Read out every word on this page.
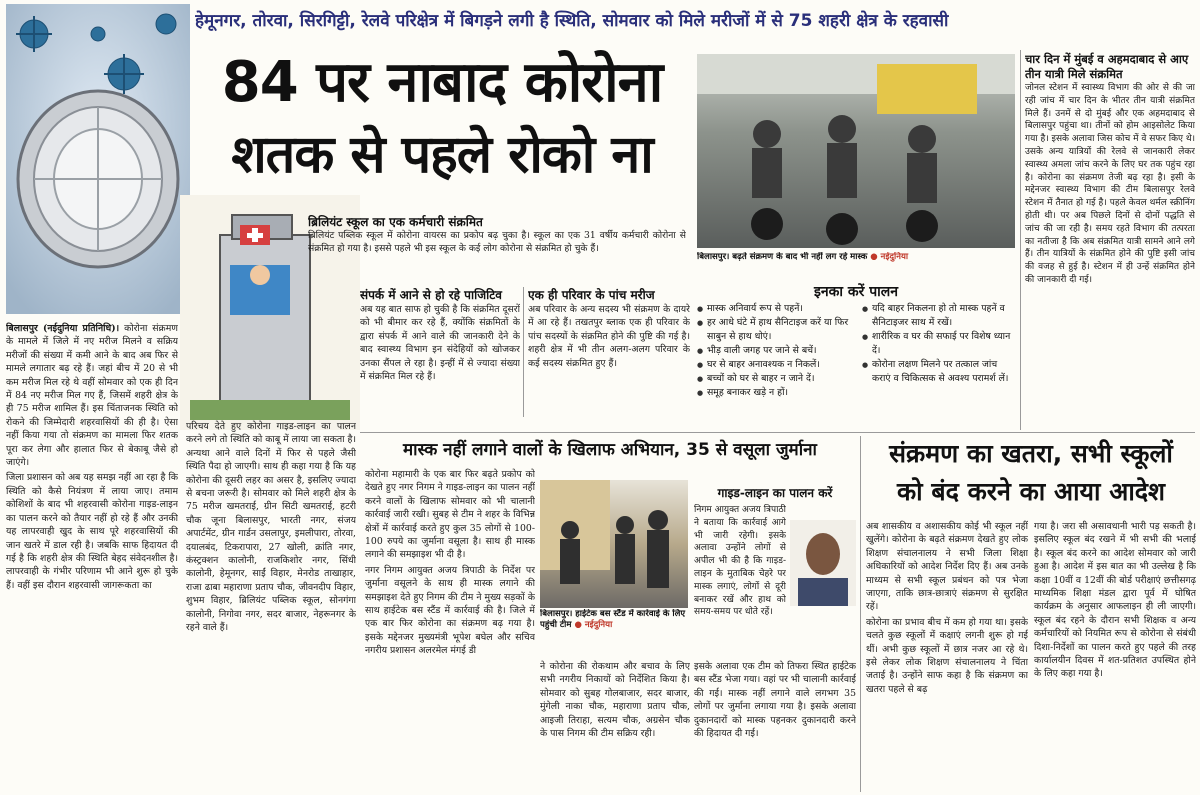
हेमूनगर, तोरवा, सिरगिट्टी, रेलवे परिक्षेत्र में बिगड़ने लगी है स्थिति, सोमवार को मिले मरीजों में से 75 शहरी क्षेत्र के रहवासी
84 पर नाबाद कोरोना
शतक से पहले रोको ना
ब्रिलियंट स्कूल का एक कर्मचारी संक्रमित
ब्रिलियंट पब्लिक स्कूल में कोरोना वायरस का प्रकोप बढ़ चुका है। स्कूल का एक 31 वर्षीय कर्मचारी कोरोना से संक्रमित हो गया है। इससे पहले भी इस स्कूल के कई लोग कोरोना से संक्रमित हो चुके हैं।
संपर्क में आने से हो रहे पाजिटिव
अब यह बात साफ हो चुकी है कि संक्रमित दूसरों को भी बीमार कर रहे हैं, क्योंकि संक्रमितों के द्वारा संपर्क में आने वाले की जानकारी देने के बाद स्वास्थ्य विभाग इन संदेहियों को खोजकर उनका सैंपल ले रहा है। इन्हीं में से ज्यादा संख्या में संक्रमित मिल रहे हैं।
एक ही परिवार के पांच मरीज
अब परिवार के अन्य सदस्य भी संक्रमण के दायरे में आ रहे हैं। तखतपुर ब्लाक एक ही परिवार के पांच सदस्यों के संक्रमित होने की पुष्टि की गई है। शहरी क्षेत्र में भी तीन अलग-अलग परिवार के कई सदस्य संक्रमित हुए हैं।

बिलासपुर (नईदुनिया प्रतिनिधि)। कोरोना संक्रमण के मामले में जिले में नए मरीज मिलने व सक्रिय मरीजों की संख्या में कमी आने के बाद अब फिर से मामले लगातार बढ़ रहे हैं। जहां बीच में 20 से भी कम मरीज मिल रहे थे वहीं सोमवार को एक ही दिन में 84 नए मरीज मिल गए हैं, जिसमें शहरी क्षेत्र के ही 75 मरीज शामिल हैं। इस चिंताजनक स्थिति को रोकने की जिम्मेदारी शहरवासियों की ही है। ऐसा नहीं किया गया तो संक्रमण का मामला फिर शतक पूरा कर लेगा और हालात फिर से बेकाबू जैसे हो जाएंगे।

जिला प्रशासन को अब यह समझ नहीं आ रहा है कि स्थिति को कैसे नियंत्रण में लाया जाए। तमाम कोशिशों के बाद भी शहरवासी कोरोना गाइड-लाइन का पालन करने को तैयार नहीं हो रहे हैं और उनकी यह लापरवाही खुद के साथ पूरे शहरवासियों की जान खतरे में डाल रही है। जबकि साफ हिदायत दी गई है कि शहरी क्षेत्र की स्थिति बेहद संवेदनशील है। लापरवाही के गंभीर परिणाम भी आने शुरू हो चुके हैं। वहीं इस दौरान शहरवासी जागरूकता का

परिचय देते हुए कोरोना गाइड-लाइन का पालन करने लगे तो स्थिति को काबू में लाया जा सकता है। अन्यथा आने वाले दिनों में फिर से पहले जैसी स्थिति पैदा हो जाएगी। साथ ही कहा गया है कि यह कोरोना की दूसरी लहर का असर है, इसलिए ज्यादा से बचना जरूरी है। सोमवार को मिले शहरी क्षेत्र के 75 मरीज खमतराई, ग्रीन सिटी खमतराई, हटरी चौक जूना बिलासपुर, भारती नगर, संजय अपार्टमेंट, ग्रीन गार्डन उसलापुर, इमलीपारा, तोरवा, दयालबंद, टिकरापारा, 27 खोली, क्रांति नगर, कंस्ट्रक्शन कालोनी, राजकिशोर नगर, सिंधी कालोनी, हेमूनगर, साईं विहार, मेनरोड ताखाहार, राजा ढाबा महाराणा प्रताप चौक, जीवनदीप विहार, शुभम विहार, ब्रिलियंट पब्लिक स्कूल, सोनगंगा कालोनी, निगोवा नगर, सदर बाजार, नेहरूनगर के रहने वाले हैं।
बिलासपुर। बढ़ते संक्रमण के बाद भी नहीं लग रहे मास्क ● नईदुनिया
इनका करें पालन
● मास्क अनिवार्य रूप से पहनें।
● हर आधे घंटे में हाथ सैनिटाइज करें या फिर साबुन से हाथ धोएं।
● भीड़ वाली जगह पर जाने से बचें।
● घर से बाहर अनावश्यक न निकलें।
● बच्चों को घर से बाहर न जाने दें।
● समूह बनाकर खड़े न हों।
● यदि बाहर निकलना हो तो मास्क पहनें व सैनिटाइजर साथ में रखें।
● शारीरिक व घर की सफाई पर विशेष ध्यान दें।
● कोरोना लक्षण मिलने पर तत्काल जांच कराएं व चिकित्सक से अवश्य परामर्श लें।
चार दिन में मुंबई व अहमदाबाद से आए तीन यात्री मिले संक्रमित
जोनल स्टेशन में स्वास्थ्य विभाग की ओर से की जा रही जांच में चार दिन के भीतर तीन यात्री संक्रमित मिले हैं। उनमें से दो मुंबई और एक अहमदाबाद से बिलासपुर पहुंचा था। तीनों को होम आइसोलेट किया गया है। इसके अलावा जिस कोच में वे सफर किए थे। उसके अन्य यात्रियों की रेलवे से जानकारी लेकर स्वास्थ्य अमला जांच करने के लिए घर तक पहुंच रहा है। कोरोना का संक्रमण तेजी बढ़ रहा है। इसी के मद्देनजर स्वास्थ्य विभाग की टीम बिलासपुर रेलवे स्टेशन में तैनात हो गई है। पहले केवल थर्मल स्क्रीनिंग होती थी। पर अब पिछले दिनों से दोनों पद्धति से जांच की जा रही है। समय रहते विभाग की तत्परता का नतीजा है कि अब संक्रमित यात्री सामने आने लगे हैं। तीन यात्रियों के संक्रमित होने की पुष्टि इसी जांच की वजह से हुई है। स्टेशन में ही उन्हें संक्रमित होने की जानकारी दी गई।
मास्क नहीं लगाने वालों के खिलाफ अभियान, 35 से वसूला जुर्माना

कोरोना महामारी के एक बार फिर बढ़ते प्रकोप को देखते हुए नगर निगम ने गाइड-लाइन का पालन नहीं करने वालों के खिलाफ सोमवार को भी चालानी कार्रवाई जारी रखी। सुबह से टीम ने शहर के विभिन्न क्षेत्रों में कार्रवाई करते हुए कुल 35 लोगों से 100-100 रुपये का जुर्माना वसूला है। साथ ही मास्क लगाने की समझाइश भी दी है।

नगर निगम आयुक्त अजय त्रिपाठी के निर्देश पर जुर्माना वसूलने के साथ ही मास्क लगाने की समझाइश देते हुए निगम की टीम ने मुख्य सड़कों के साथ हाईटेक बस स्टैंड में कार्रवाई की है। जिले में एक बार फिर कोरोना का संक्रमण बढ़ गया है। इसके मद्देनजर मुख्यमंत्री भूपेश बघेल और सचिव नगरीय प्रशासन अलरमेल मंगई डी

बिलासपुर। हाईटेक बस स्टैंड में कार्रवाई के लिए पहुंची टीम ● नईदुनिया
ने कोरोना की रोकथाम और बचाव के लिए सभी नगरीय निकायों को निर्देशित किया है। सोमवार को सुबह गोलबाजार, सदर बाजार, मुंगेली नाका चौक, महाराणा प्रताप चौक, आइजी तिराहा, सत्यम चौक, अग्रसेन चौक के पास निगम की टीम सक्रिय रही।
गाइड-लाइन का पालन करें
निगम आयुक्त अजय त्रिपाठी ने बताया कि कार्रवाई आगे भी जारी रहेगी। इसके अलावा उन्होंने लोगों से अपील भी की है कि गाइड-लाइन के मुताबिक चेहरे पर मास्क लगाएं, लोगों से दूरी बनाकर रखें और हाथ को समय-समय पर धोते रहें।
इसके अलावा एक टीम को तिफरा स्थित हाईटेक बस स्टैंड भेजा गया। वहां पर भी चालानी कार्रवाई की गई। मास्क नहीं लगाने वाले लगभग 35 लोगों पर जुर्माना लगाया गया है। इसके अलावा दुकानदारों को मास्क पहनकर दुकानदारी करने की हिदायत दी गई।
संक्रमण का खतरा, सभी स्कूलों
को बंद करने का आया आदेश

अब शासकीय व अशासकीय कोई भी स्कूल नहीं खुलेंगे। कोरोना के बढ़ते संक्रमण देखते हुए लोक शिक्षण संचालनालय ने सभी जिला शिक्षा अधिकारियों को आदेश निर्देश दिए हैं। अब उनके माध्यम से सभी स्कूल प्रबंधन को पत्र भेजा जाएगा, ताकि छात्र-छात्राएं संक्रमण से सुरक्षित रहें।

कोरोना का प्रभाव बीच में कम हो गया था। इसके चलते कुछ स्कूलों में कक्षाएं लगनी शुरू हो गई थीं। अभी कुछ स्कूलों में छात्र नजर आ रहे थे। इसे लेकर लोक शिक्षण संचालनालय ने चिंता जताई है। उन्होंने साफ कहा है कि संक्रमण का खतरा पहले से बढ़

गया है। जरा सी असावधानी भारी पड़ सकती है। इसलिए स्कूल बंद रखने में भी सभी की भलाई है। स्कूल बंद करने का आदेश सोमवार को जारी हुआ है। आदेश में इस बात का भी उल्लेख है कि कक्षा 10वीं व 12वीं की बोर्ड परीक्षाएं छत्तीसगढ़ माध्यमिक शिक्षा मंडल द्वारा पूर्व में घोषित कार्यक्रम के अनुसार आफलाइन ही ली जाएगी। स्कूल बंद रहने के दौरान सभी शिक्षक व अन्य कर्मचारियों को नियमित रूप से कोरोना से संबंधी दिशा-निर्देशों का पालन करते हुए पहले की तरह कार्यालयीन दिवस में शत-प्रतिशत उपस्थित होने के लिए कहा गया है।
